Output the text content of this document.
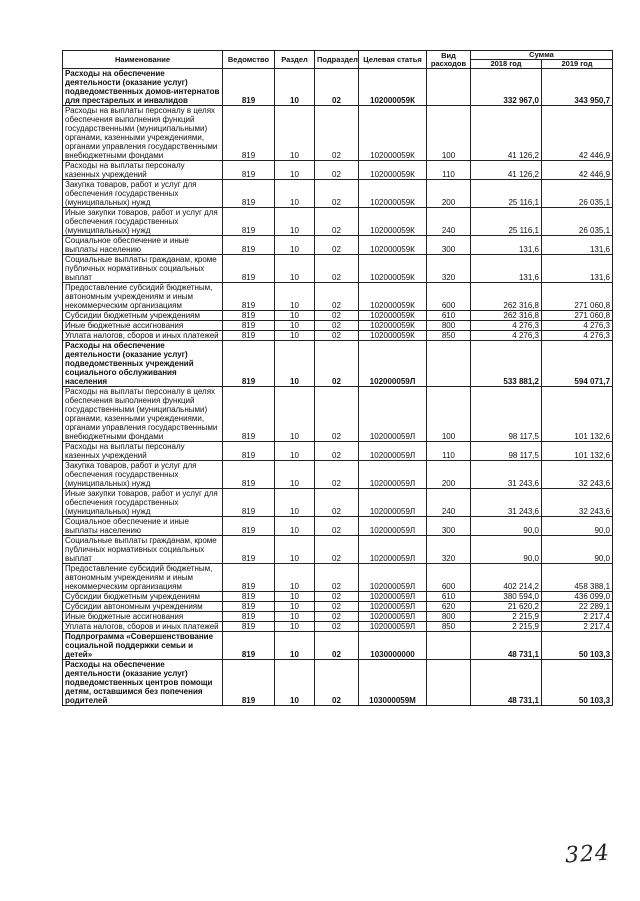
Наименование	Ведомство	Раздел	Подраздел	Целевая статья	Вид расходов	Сумма	
						2018 год	2019 год
Расходы на обеспечение деятельности (оказание услуг) подведомственных домов-интернатов для престарелых и инвалидов	819	10	02	102000059К		332 967,0	343 950,7
Расходы на выплаты персоналу в целях обеспечения выполнения функций государственными (муниципальными) органами, казенными учреждениями, органами управления государственными внебюджетными фондами	819	10	02	102000059К	100	41 126,2	42 446,9
Расходы на выплаты персоналу казенных учреждений	819	10	02	102000059К	110	41 126,2	42 446,9
Закупка товаров, работ и услуг для обеспечения государственных (муниципальных) нужд	819	10	02	102000059К	200	25 116,1	26 035,1
Иные закупки товаров, работ и услуг для обеспечения государственных (муниципальных) нужд	819	10	02	102000059К	240	25 116,1	26 035,1
Социальное обеспечение и иные выплаты населению	819	10	02	102000059К	300	131,6	131,6
Социальные выплаты гражданам, кроме публичных нормативных социальных выплат	819	10	02	102000059К	320	131,6	131,6
Предоставление субсидий бюджетным, автономным учреждениям и иным некоммерческим организациям	819	10	02	102000059К	600	262 316,8	271 060,8
Субсидии бюджетным учреждениям	819	10	02	102000059К	610	262 316,8	271 060,8
Иные бюджетные ассигнования	819	10	02	102000059К	800	4 276,3	4 276,3
Уплата налогов, сборов и иных платежей	819	10	02	102000059К	850	4 276,3	4 276,3
Расходы на обеспечение деятельности (оказание услуг) подведомственных учреждений социального обслуживания населения	819	10	02	102000059Л		533 881,2	594 071,7
Расходы на выплаты персоналу в целях обеспечения выполнения функций государственными (муниципальными) органами, казенными учреждениями, органами управления государственными внебюджетными фондами	819	10	02	102000059Л	100	98 117,5	101 132,6
Расходы на выплаты персоналу казенных учреждений	819	10	02	102000059Л	110	98 117,5	101 132,6
Закупка товаров, работ и услуг для обеспечения государственных (муниципальных) нужд	819	10	02	102000059Л	200	31 243,6	32 243,6
Иные закупки товаров, работ и услуг для обеспечения государственных (муниципальных) нужд	819	10	02	102000059Л	240	31 243,6	32 243,6
Социальное обеспечение и иные выплаты населению	819	10	02	102000059Л	300	90,0	90,0
Социальные выплаты гражданам, кроме публичных нормативных социальных выплат	819	10	02	102000059Л	320	90,0	90,0
Предоставление субсидий бюджетным, автономным учреждениям и иным некоммерческим организациям	819	10	02	102000059Л	600	402 214,2	458 388,1
Субсидии бюджетным учреждениям	819	10	02	102000059Л	610	380 594,0	436 099,0
Субсидии автономным учреждениям	819	10	02	102000059Л	620	21 620,2	22 289,1
Иные бюджетные ассигнования	819	10	02	102000059Л	800	2 215,9	2 217,4
Уплата налогов, сборов и иных платежей	819	10	02	102000059Л	850	2 215,9	2 217,4
Подпрограмма «Совершенствование социальной поддержки семьи и детей»	819	10	02	1030000000		48 731,1	50 103,3
Расходы на обеспечение деятельности (оказание услуг) подведомственных центров помощи детям, оставшимся без попечения родителей	819	10	02	103000059М		48 731,1	50 103,3
324
